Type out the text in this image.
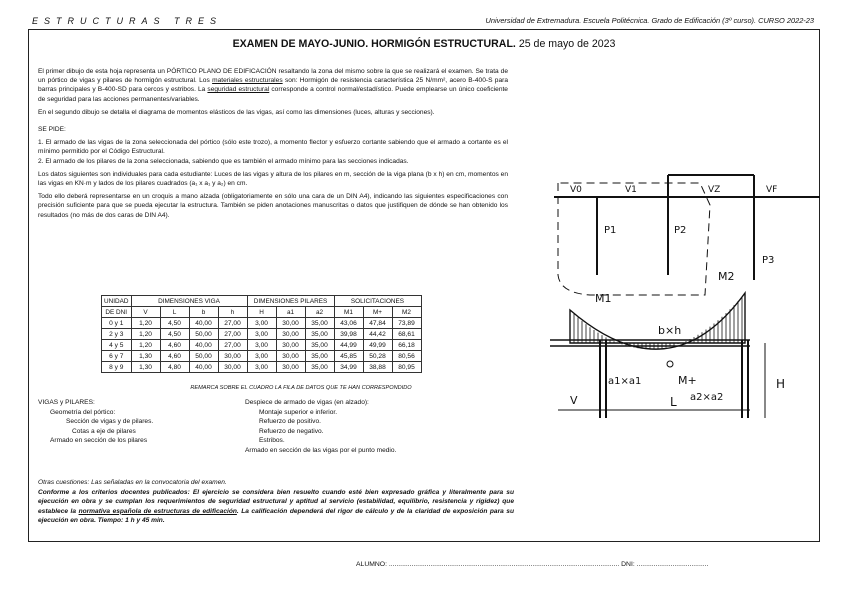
ESTRUCTURAS TRES	Universidad de Extremadura. Escuela Politécnica. Grado de Edificación (3º curso). CURSO 2022-23
EXAMEN DE MAYO-JUNIO. HORMIGÓN ESTRUCTURAL. 25 de mayo de 2023

El primer dibujo de esta hoja representa un PÓRTICO PLANO DE EDIFICACIÓN resaltando la zona del mismo sobre la que se realizará el examen. Se trata de un pórtico de vigas y pilares de hormigón estructural. Los materiales estructurales son: Hormigón de resistencia característica 25 N/mm², acero B-400-S para barras principales y B-400-SD para cercos y estribos. La seguridad estructural corresponde a control normal/estadístico. Puede emplearse un único coeficiente de seguridad para las acciones permanentes/variables.

En el segundo dibujo se detalla el diagrama de momentos elásticos de las vigas, así como las dimensiones (luces, alturas y secciones).

SE PIDE:

1. El armado de las vigas de la zona seleccionada del pórtico (sólo este trozo), a momento flector y esfuerzo cortante sabiendo que el armado a cortante es el mínimo permitido por el Código Estructural.

2. El armado de los pilares de la zona seleccionada, sabiendo que es también el armado mínimo para las secciones indicadas.

Los datos siguientes son individuales para cada estudiante: Luces de las vigas y altura de los pilares en m, sección de la viga plana (b x h) en cm, momentos en las vigas en KN·m y lados de los pilares cuadrados (a₁ x a₁ y a₂) en cm.

Todo ello deberá representarse en un croquis a mano alzada (obligatoriamente en sólo una cara de un DIN A4), indicando las siguientes especificaciones con precisión suficiente para que se pueda ejecutar la estructura. También se piden anotaciones manuscritas o datos que justifiquen de dónde se han obtenido los resultados (no más de dos caras de DIN A4).

UNIDAD	DIMENSIONES VIGA				DIMENSIONES PILARES			SOLICITACIONES		
DE DNI	V	L	b	h	H	a1	a2	M1	M+	M2
0 y 1	1,20	4,50	40,00	27,00	3,00	30,00	35,00	43,06	47,84	73,89
2 y 3	1,20	4,50	50,00	27,00	3,00	30,00	35,00	39,98	44,42	68,61
4 y 5	1,20	4,60	40,00	27,00	3,00	30,00	35,00	44,99	49,99	66,18
6 y 7	1,30	4,60	50,00	30,00	3,00	30,00	35,00	45,85	50,28	80,56
8 y 9	1,30	4,80	40,00	30,00	3,00	30,00	35,00	34,99	38,88	80,95
REMARCA SOBRE EL CUADRO LA FILA DE DATOS QUE TE HAN CORRESPONDIDO
VIGAS y PILARES:
Geometría del pórtico:
Sección de vigas y de pilares.
Cotas a eje de pilares
Armado en sección de los pilares
Despiece de armado de vigas (en alzado):
Montaje superior e inferior.
Refuerzo de positivo.
Refuerzo de negativo.
Estribos.
Armado en sección de las vigas por el punto medio.
Otras cuestiones: Las señaladas en la convocatoria del examen.
Conforme a los criterios docentes publicados: El ejercicio se considera bien resuelto cuando esté bien expresado gráfica y literalmente para su ejecución en obra y se cumplan los requerimientos de seguridad estructural y aptitud al servicio (estabilidad, equilibrio, resistencia y rigidez) que establece la normativa española de estructuras de edificación. La calificación dependerá del rigor de cálculo y de la claridad de exposición para su ejecución en obra. Tiempo: 1 h y 45 min.
ALUMNO: .......................................................................................................................... DNI: ......................................
V0	V1	VZ	VF
P1	P2
P3
M1
M2
b×h
M+
a1×a1
a2×a2
H
V	L
